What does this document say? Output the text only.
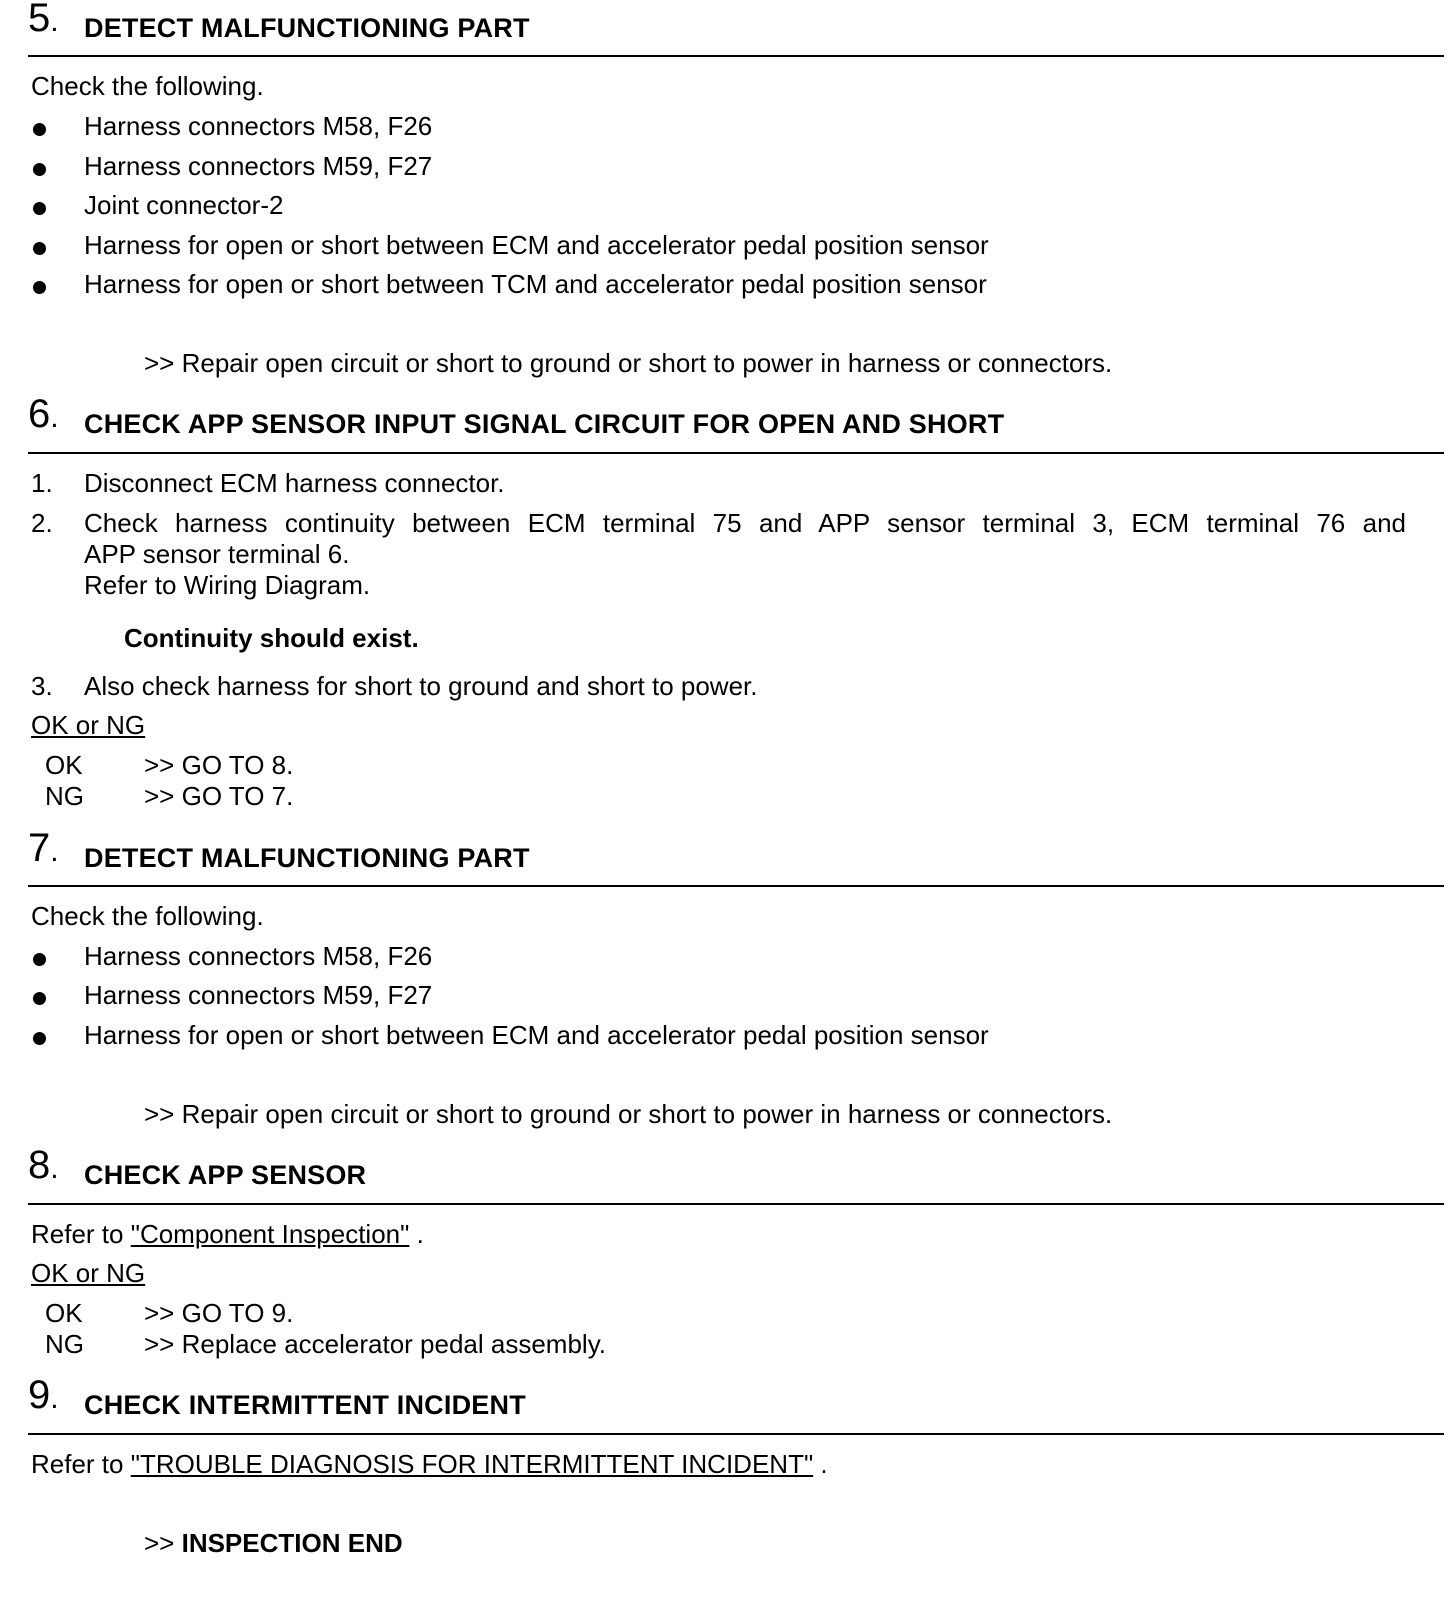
5. DETECT MALFUNCTIONING PART
Check the following.
Harness connectors M58, F26
Harness connectors M59, F27
Joint connector-2
Harness for open or short between ECM and accelerator pedal position sensor
Harness for open or short between TCM and accelerator pedal position sensor
>> Repair open circuit or short to ground or short to power in harness or connectors.
6. CHECK APP SENSOR INPUT SIGNAL CIRCUIT FOR OPEN AND SHORT
1. Disconnect ECM harness connector.
2. Check harness continuity between ECM terminal 75 and APP sensor terminal 3, ECM terminal 76 and
APP sensor terminal 6.
Refer to Wiring Diagram.
Continuity should exist.
3. Also check harness for short to ground and short to power.
OK or NG
OK >> GO TO 8.
NG >> GO TO 7.
7. DETECT MALFUNCTIONING PART
Check the following.
Harness connectors M58, F26
Harness connectors M59, F27
Harness for open or short between ECM and accelerator pedal position sensor
>> Repair open circuit or short to ground or short to power in harness or connectors.
8. CHECK APP SENSOR
Refer to "Component Inspection" .
OK or NG
OK >> GO TO 9.
NG >> Replace accelerator pedal assembly.
9. CHECK INTERMITTENT INCIDENT
Refer to "TROUBLE DIAGNOSIS FOR INTERMITTENT INCIDENT" .
>> INSPECTION END
